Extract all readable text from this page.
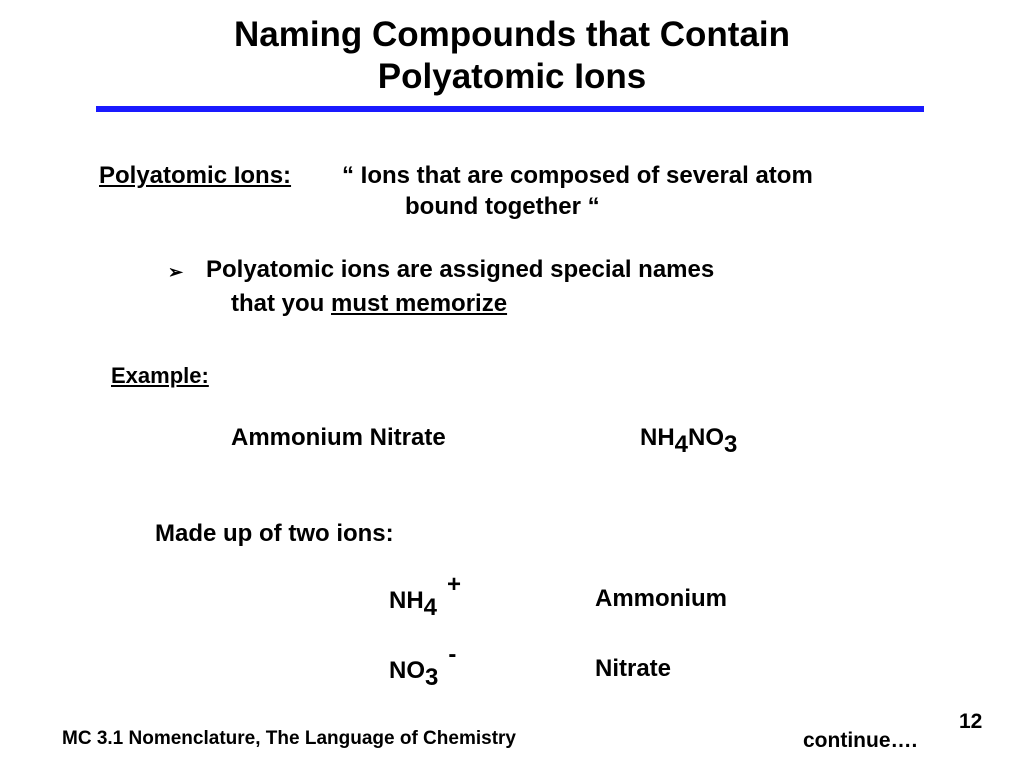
Naming Compounds that Contain
Polyatomic Ions
Polyatomic Ions: “ Ions that are composed of several atom
bound together “
➢ Polyatomic ions are assigned special names
that you must memorize
Example:
Ammonium Nitrate	$NH_4NO_3$
Made up of two ions:
$NH_4^+$
Ammonium
$NO_3^-$
Nitrate
MC 3.1 Nomenclature, The Language of Chemistry
12
continue….
